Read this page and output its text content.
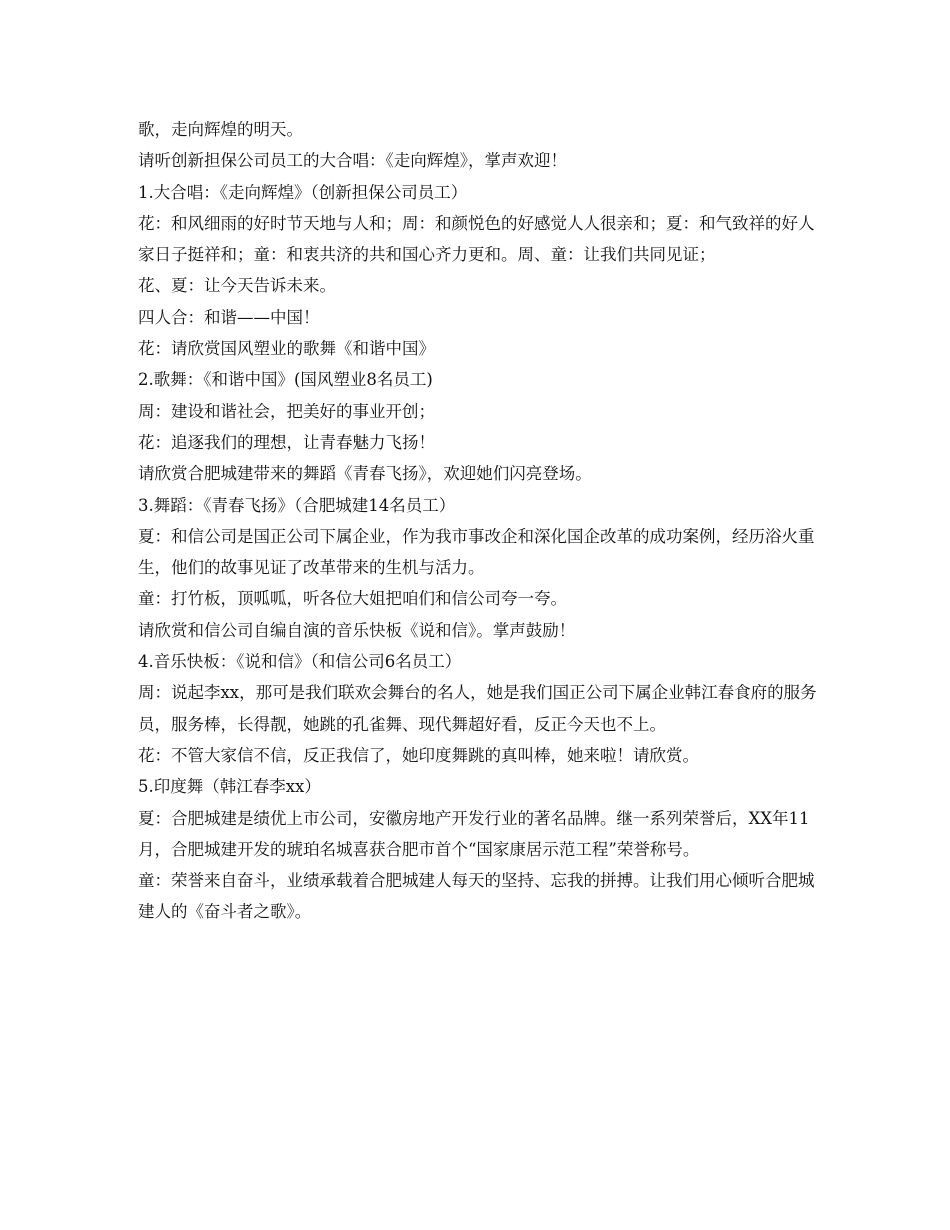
歌，走向辉煌的明天。

请听创新担保公司员工的大合唱：《走向辉煌》，掌声欢迎！

1.大合唱：《走向辉煌》（创新担保公司员工）

花：和风细雨的好时节天地与人和；周：和颜悦色的好感觉人人很亲和；夏：和气致祥的好人家日子挺祥和；童：和衷共济的共和国心齐力更和。周、童：让我们共同见证；

花、夏：让今天告诉未来。

四人合：和谐——中国！

花：请欣赏国风塑业的歌舞《和谐中国》

2.歌舞：《和谐中国》(国风塑业8名员工)

周：建设和谐社会，把美好的事业开创；

花：追逐我们的理想，让青春魅力飞扬！

请欣赏合肥城建带来的舞蹈《青春飞扬》，欢迎她们闪亮登场。

3.舞蹈：《青春飞扬》（合肥城建14名员工）

夏：和信公司是国正公司下属企业，作为我市事改企和深化国企改革的成功案例，经历浴火重生，他们的故事见证了改革带来的生机与活力。

童：打竹板，顶呱呱，听各位大姐把咱们和信公司夸一夸。

请欣赏和信公司自编自演的音乐快板《说和信》。掌声鼓励！

4.音乐快板：《说和信》（和信公司6名员工）

周：说起李xx，那可是我们联欢会舞台的名人，她是我们国正公司下属企业韩江春食府的服务员，服务棒，长得靓，她跳的孔雀舞、现代舞超好看，反正今天也不上。

花：不管大家信不信，反正我信了，她印度舞跳的真叫棒，她来啦！请欣赏。

5.印度舞（韩江春李xx）

夏：合肥城建是绩优上市公司，安徽房地产开发行业的著名品牌。继一系列荣誉后，XX年11月，合肥城建开发的琥珀名城喜获合肥市首个“国家康居示范工程”荣誉称号。

童：荣誉来自奋斗，业绩承载着合肥城建人每天的坚持、忘我的拼搏。让我们用心倾听合肥城建人的《奋斗者之歌》。
